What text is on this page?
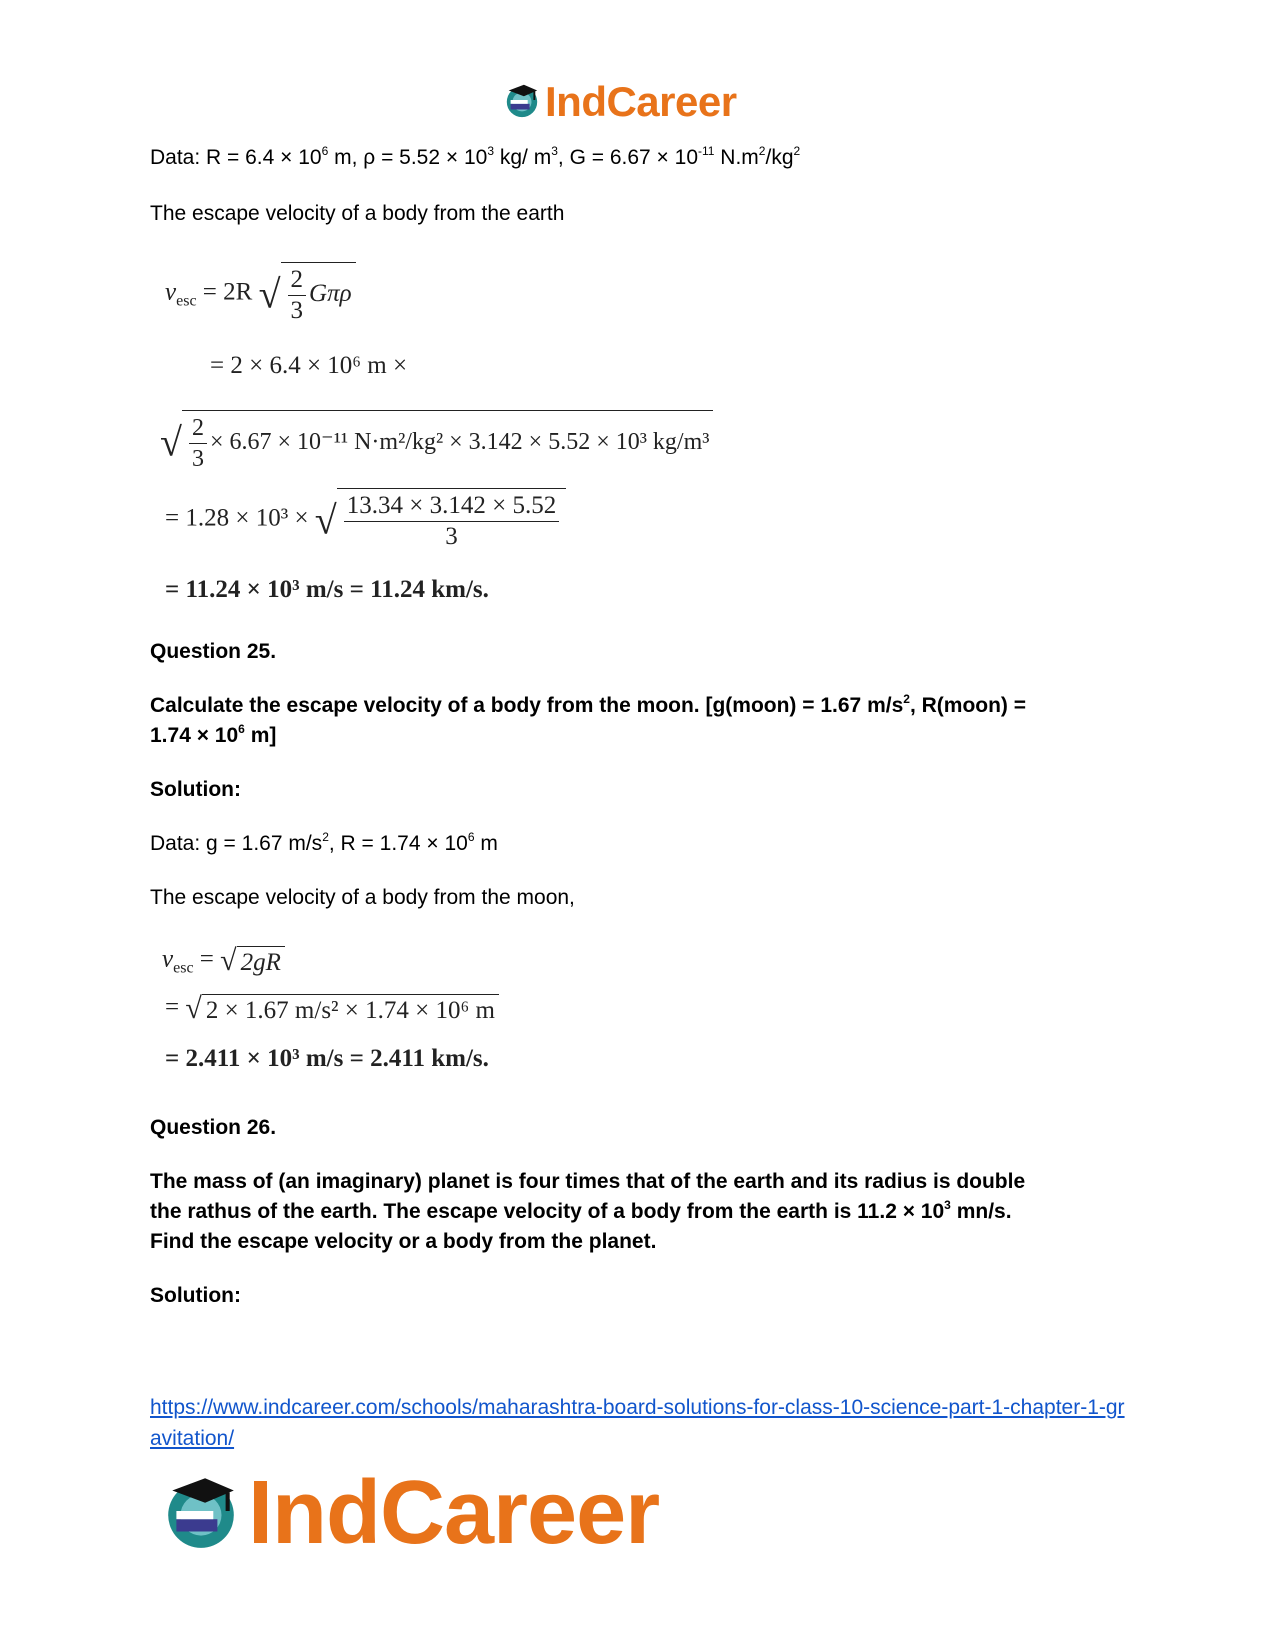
IndCareer
Data: $R = 6.4 \times 10^6$ m, $\rho = 5.52 \times 10^3$ kg/ $m^3$, $G = 6.67 \times 10^{-11}$ $N.m^2/kg^2$
The escape velocity of a body from the earth
$v_{esc} = 2R$ √ $\frac{2}{3}$ Gπρ
= 2 × 6.4 × 10⁶ m ×
√ $\frac{2}{3} \times 6.67 \times 10^{-11}$ N·m²/kg² × 3.142 × 5.52 × 10³ kg/m³
= 1.28 × 10³ × √ $\frac{13.34 \times 3.142 \times 5.52}{3}$
= 11.24 × 10³ m/s = 11.24 km/s.
Question 25.
Calculate the escape velocity of a body from the moon. [g(moon) = 1.67 $m/s^2$, R(moon) =
$1.74 \times 10^6$ m]
Solution:
Data: g = 1.67 $m/s^2$, $R = 1.74 \times 10^6$ m
The escape velocity of a body from the moon,
$v_{esc}$ = √ 2gR
= √ 2 × 1.67 m/s² × 1.74 × 10⁶ m
= 2.411 × 10³ m/s = 2.411 km/s.
Question 26.
The mass of (an imaginary) planet is four times that of the earth and its radius is double
the rathus of the earth. The escape velocity of a body from the earth is $11.2 \times 10^3$ mn/s.
Find the escape velocity or a body from the planet.
Solution:
https://www.indcareer.com/schools/maharashtra-board-solutions-for-class-10-science-part-1-chapter-1-gravitation/
IndCareer
